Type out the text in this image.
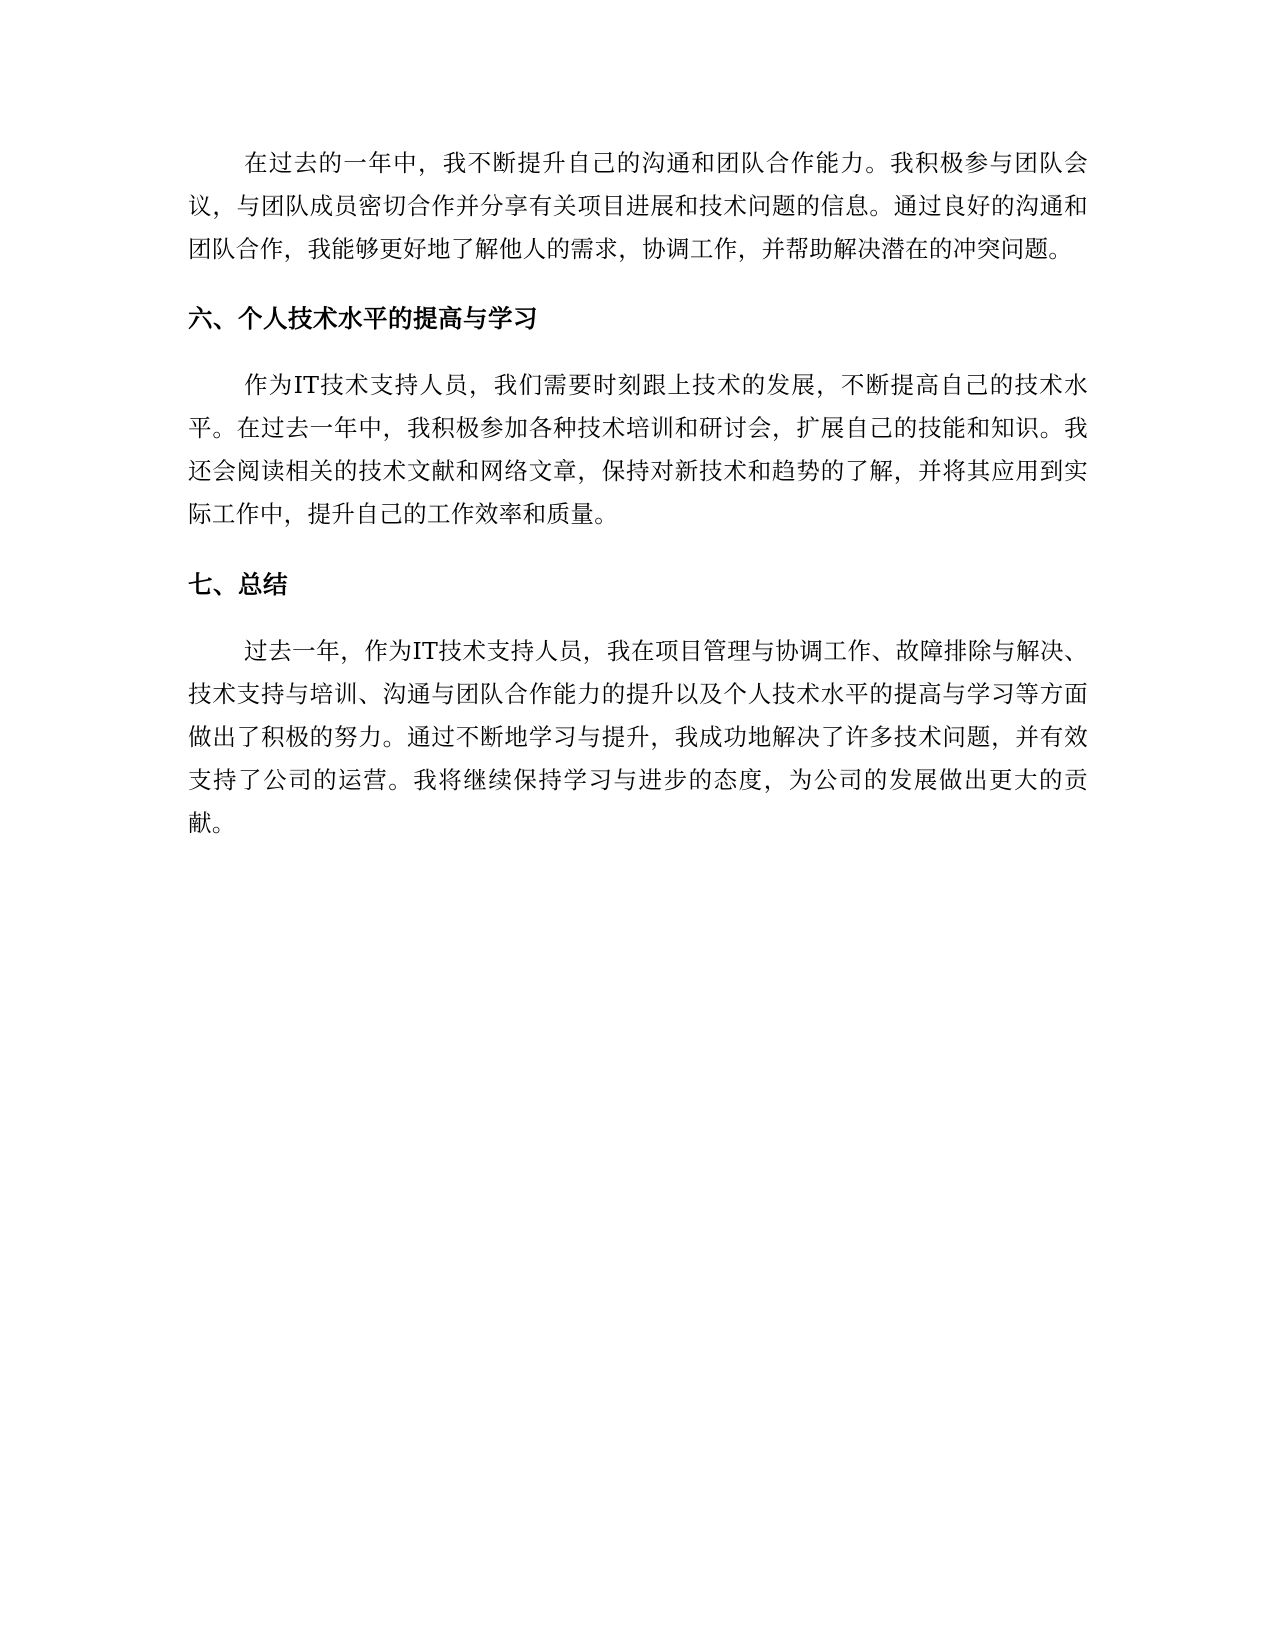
在过去的一年中，我不断提升自己的沟通和团队合作能力。我积极参与团队会议，与团队成员密切合作并分享有关项目进展和技术问题的信息。通过良好的沟通和团队合作，我能够更好地了解他人的需求，协调工作，并帮助解决潜在的冲突问题。

六、个人技术水平的提高与学习

作为IT技术支持人员，我们需要时刻跟上技术的发展，不断提高自己的技术水平。在过去一年中，我积极参加各种技术培训和研讨会，扩展自己的技能和知识。我还会阅读相关的技术文献和网络文章，保持对新技术和趋势的了解，并将其应用到实际工作中，提升自己的工作效率和质量。

七、总结

过去一年，作为IT技术支持人员，我在项目管理与协调工作、故障排除与解决、技术支持与培训、沟通与团队合作能力的提升以及个人技术水平的提高与学习等方面做出了积极的努力。通过不断地学习与提升，我成功地解决了许多技术问题，并有效支持了公司的运营。我将继续保持学习与进步的态度，为公司的发展做出更大的贡献。
